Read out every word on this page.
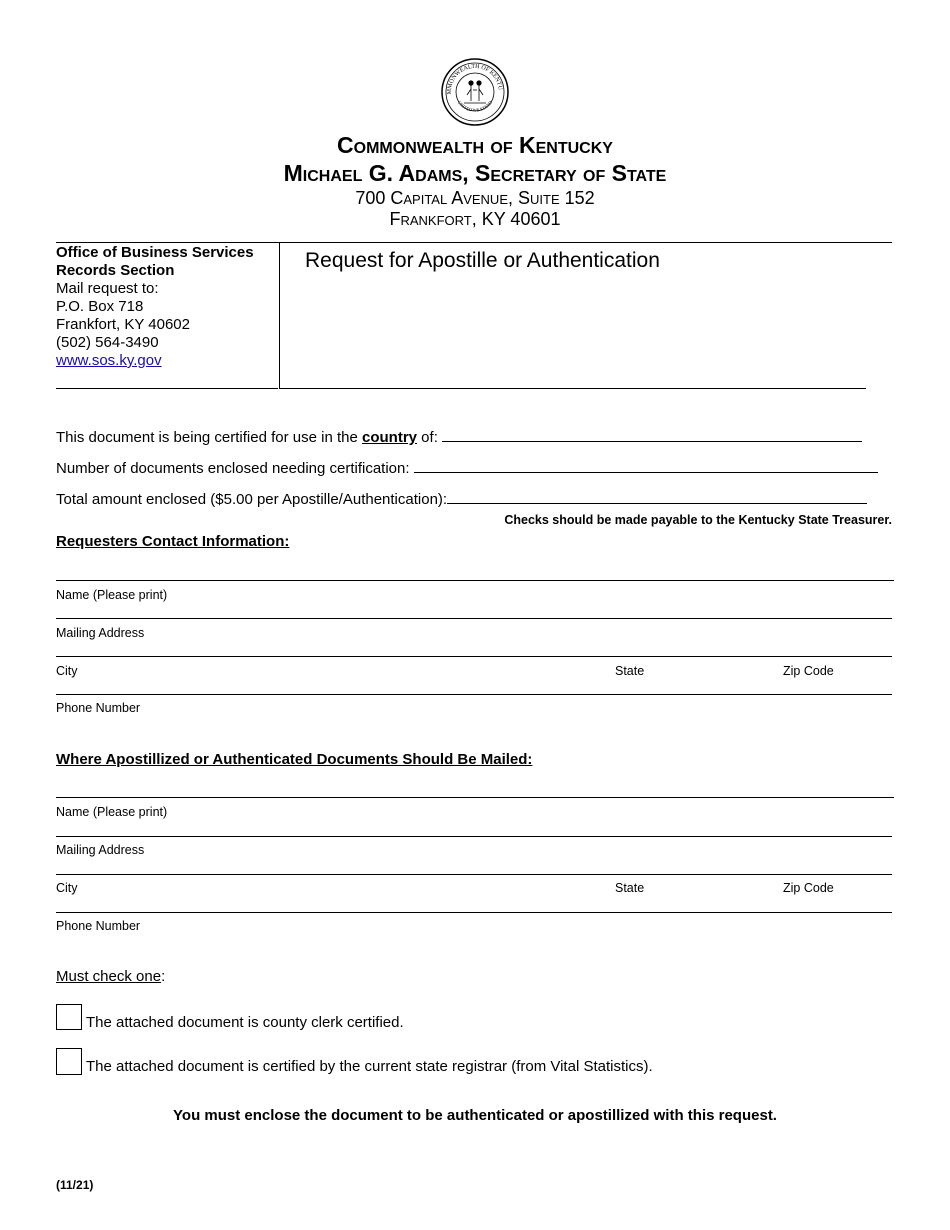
MMONWEALTH OF KENTU
UNITED WE STAND
Commonwealth of Kentucky
Michael G. Adams, Secretary of State
700 Capital Avenue, Suite 152
Frankfort, KY 40601
Office of Business Services
Records Section
Mail request to:
P.O. Box 718
Frankfort, KY 40602
(502) 564-3490
www.sos.ky.gov
Request for Apostille or Authentication
This document is being certified for use in the country of:
Number of documents enclosed needing certification:
Total amount enclosed ($5.00 per Apostille/Authentication):
Checks should be made payable to the Kentucky State Treasurer.
Requesters Contact Information:
Name (Please print)
Mailing Address
City	State	Zip Code
Phone Number
Where Apostillized or Authenticated Documents Should Be Mailed:
Name (Please print)
Mailing Address
City	State	Zip Code
Phone Number
Must check one:
The attached document is county clerk certified.
The attached document is certified by the current state registrar (from Vital Statistics).
You must enclose the document to be authenticated or apostillized with this request.
(11/21)
